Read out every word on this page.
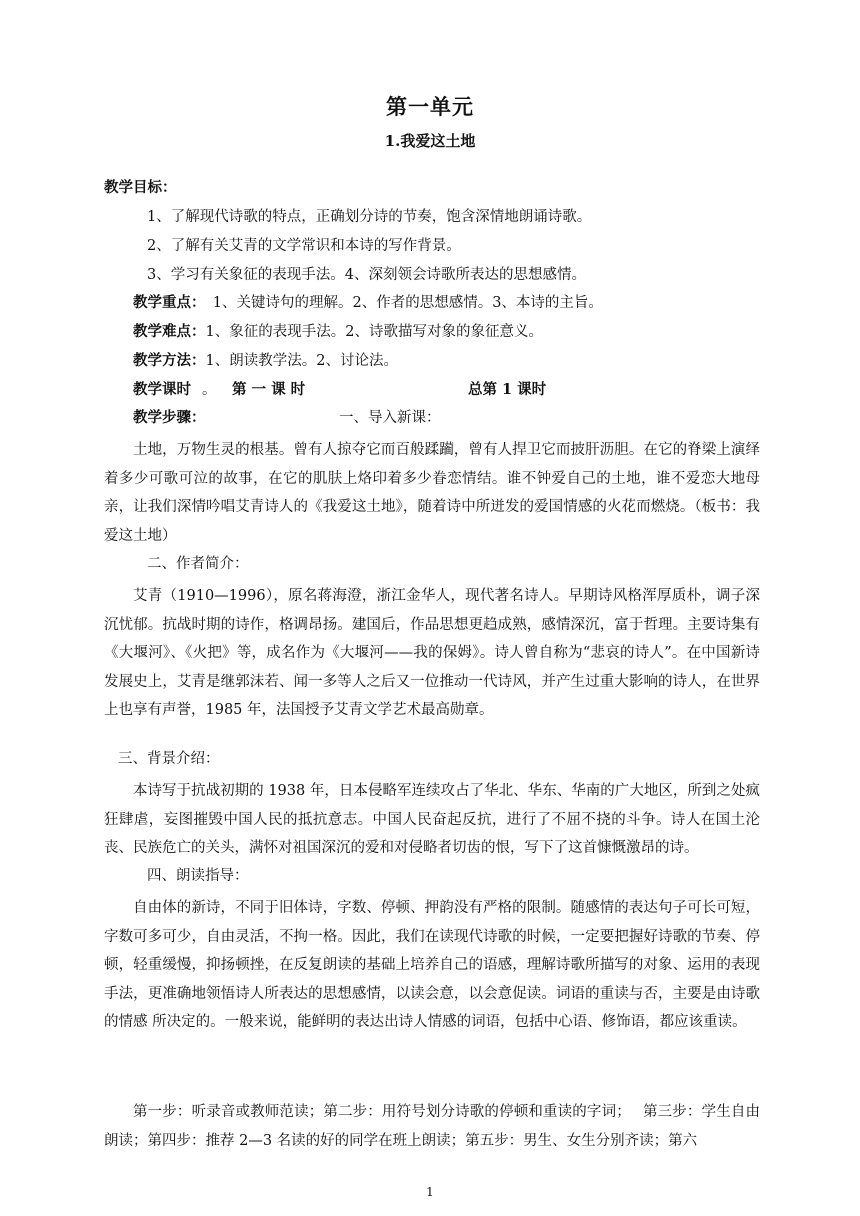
第一单元
1.我爱这土地
教学目标：
1、了解现代诗歌的特点，正确划分诗的节奏，饱含深情地朗诵诗歌。
2、了解有关艾青的文学常识和本诗的写作背景。
3、学习有关象征的表现手法。4、深刻领会诗歌所表达的思想感情。
教学重点：　1、关键诗句的理解。2、作者的思想感情。3、本诗的主旨。
教学难点：1、象征的表现手法。2、诗歌描写对象的象征意义。
教学方法：1、朗读教学法。2、讨论法。
教学课时 。 第 一 课 时	总第 1 课时
教学步骤：	一、导入新课：
土地，万物生灵的根基。曾有人掠夺它而百般蹂躏，曾有人捍卫它而披肝沥胆。在它的脊梁上演绎着多少可歌可泣的故事，在它的肌肤上烙印着多少眷恋情结。谁不钟爱自己的土地，谁不爱恋大地母亲，让我们深情吟唱艾青诗人的《我爱这土地》，随着诗中所迸发的爱国情感的火花而燃烧。（板书：我爱这土地）
二、作者简介：
艾青（1910—1996），原名蒋海澄，浙江金华人，现代著名诗人。早期诗风格浑厚质朴，调子深沉忧郁。抗战时期的诗作，格调昂扬。建国后，作品思想更趋成熟，感情深沉，富于哲理。主要诗集有《大堰河》、《火把》等，成名作为《大堰河——我的保姆》。诗人曾自称为“悲哀的诗人”。在中国新诗发展史上，艾青是继郭沫若、闻一多等人之后又一位推动一代诗风，并产生过重大影响的诗人，在世界上也享有声誉，1985 年，法国授予艾青文学艺术最高勋章。
三、背景介绍：
本诗写于抗战初期的 1938 年，日本侵略军连续攻占了华北、华东、华南的广大地区，所到之处疯狂肆虐，妄图摧毁中国人民的抵抗意志。中国人民奋起反抗，进行了不屈不挠的斗争。诗人在国土沦丧、民族危亡的关头，满怀对祖国深沉的爱和对侵略者切齿的恨，写下了这首慷慨激昂的诗。
四、朗读指导：
自由体的新诗，不同于旧体诗，字数、停顿、押韵没有严格的限制。随感情的表达句子可长可短，字数可多可少，自由灵活，不拘一格。因此，我们在读现代诗歌的时候，一定要把握好诗歌的节奏、停顿，轻重缓慢，抑扬顿挫，在反复朗读的基础上培养自己的语感，理解诗歌所描写的对象、运用的表现手法，更准确地领悟诗人所表达的思想感情，以读会意，以会意促读。词语的重读与否，主要是由诗歌的情感 所决定的。一般来说，能鲜明的表达出诗人情感的词语，包括中心语、修饰语，都应该重读。
第一步：听录音或教师范读；第二步：用符号划分诗歌的停顿和重读的字词；　 第三步：学生自由朗读；第四步：推荐 2—3 名读的好的同学在班上朗读；第五步：男生、女生分别齐读；第六
1
